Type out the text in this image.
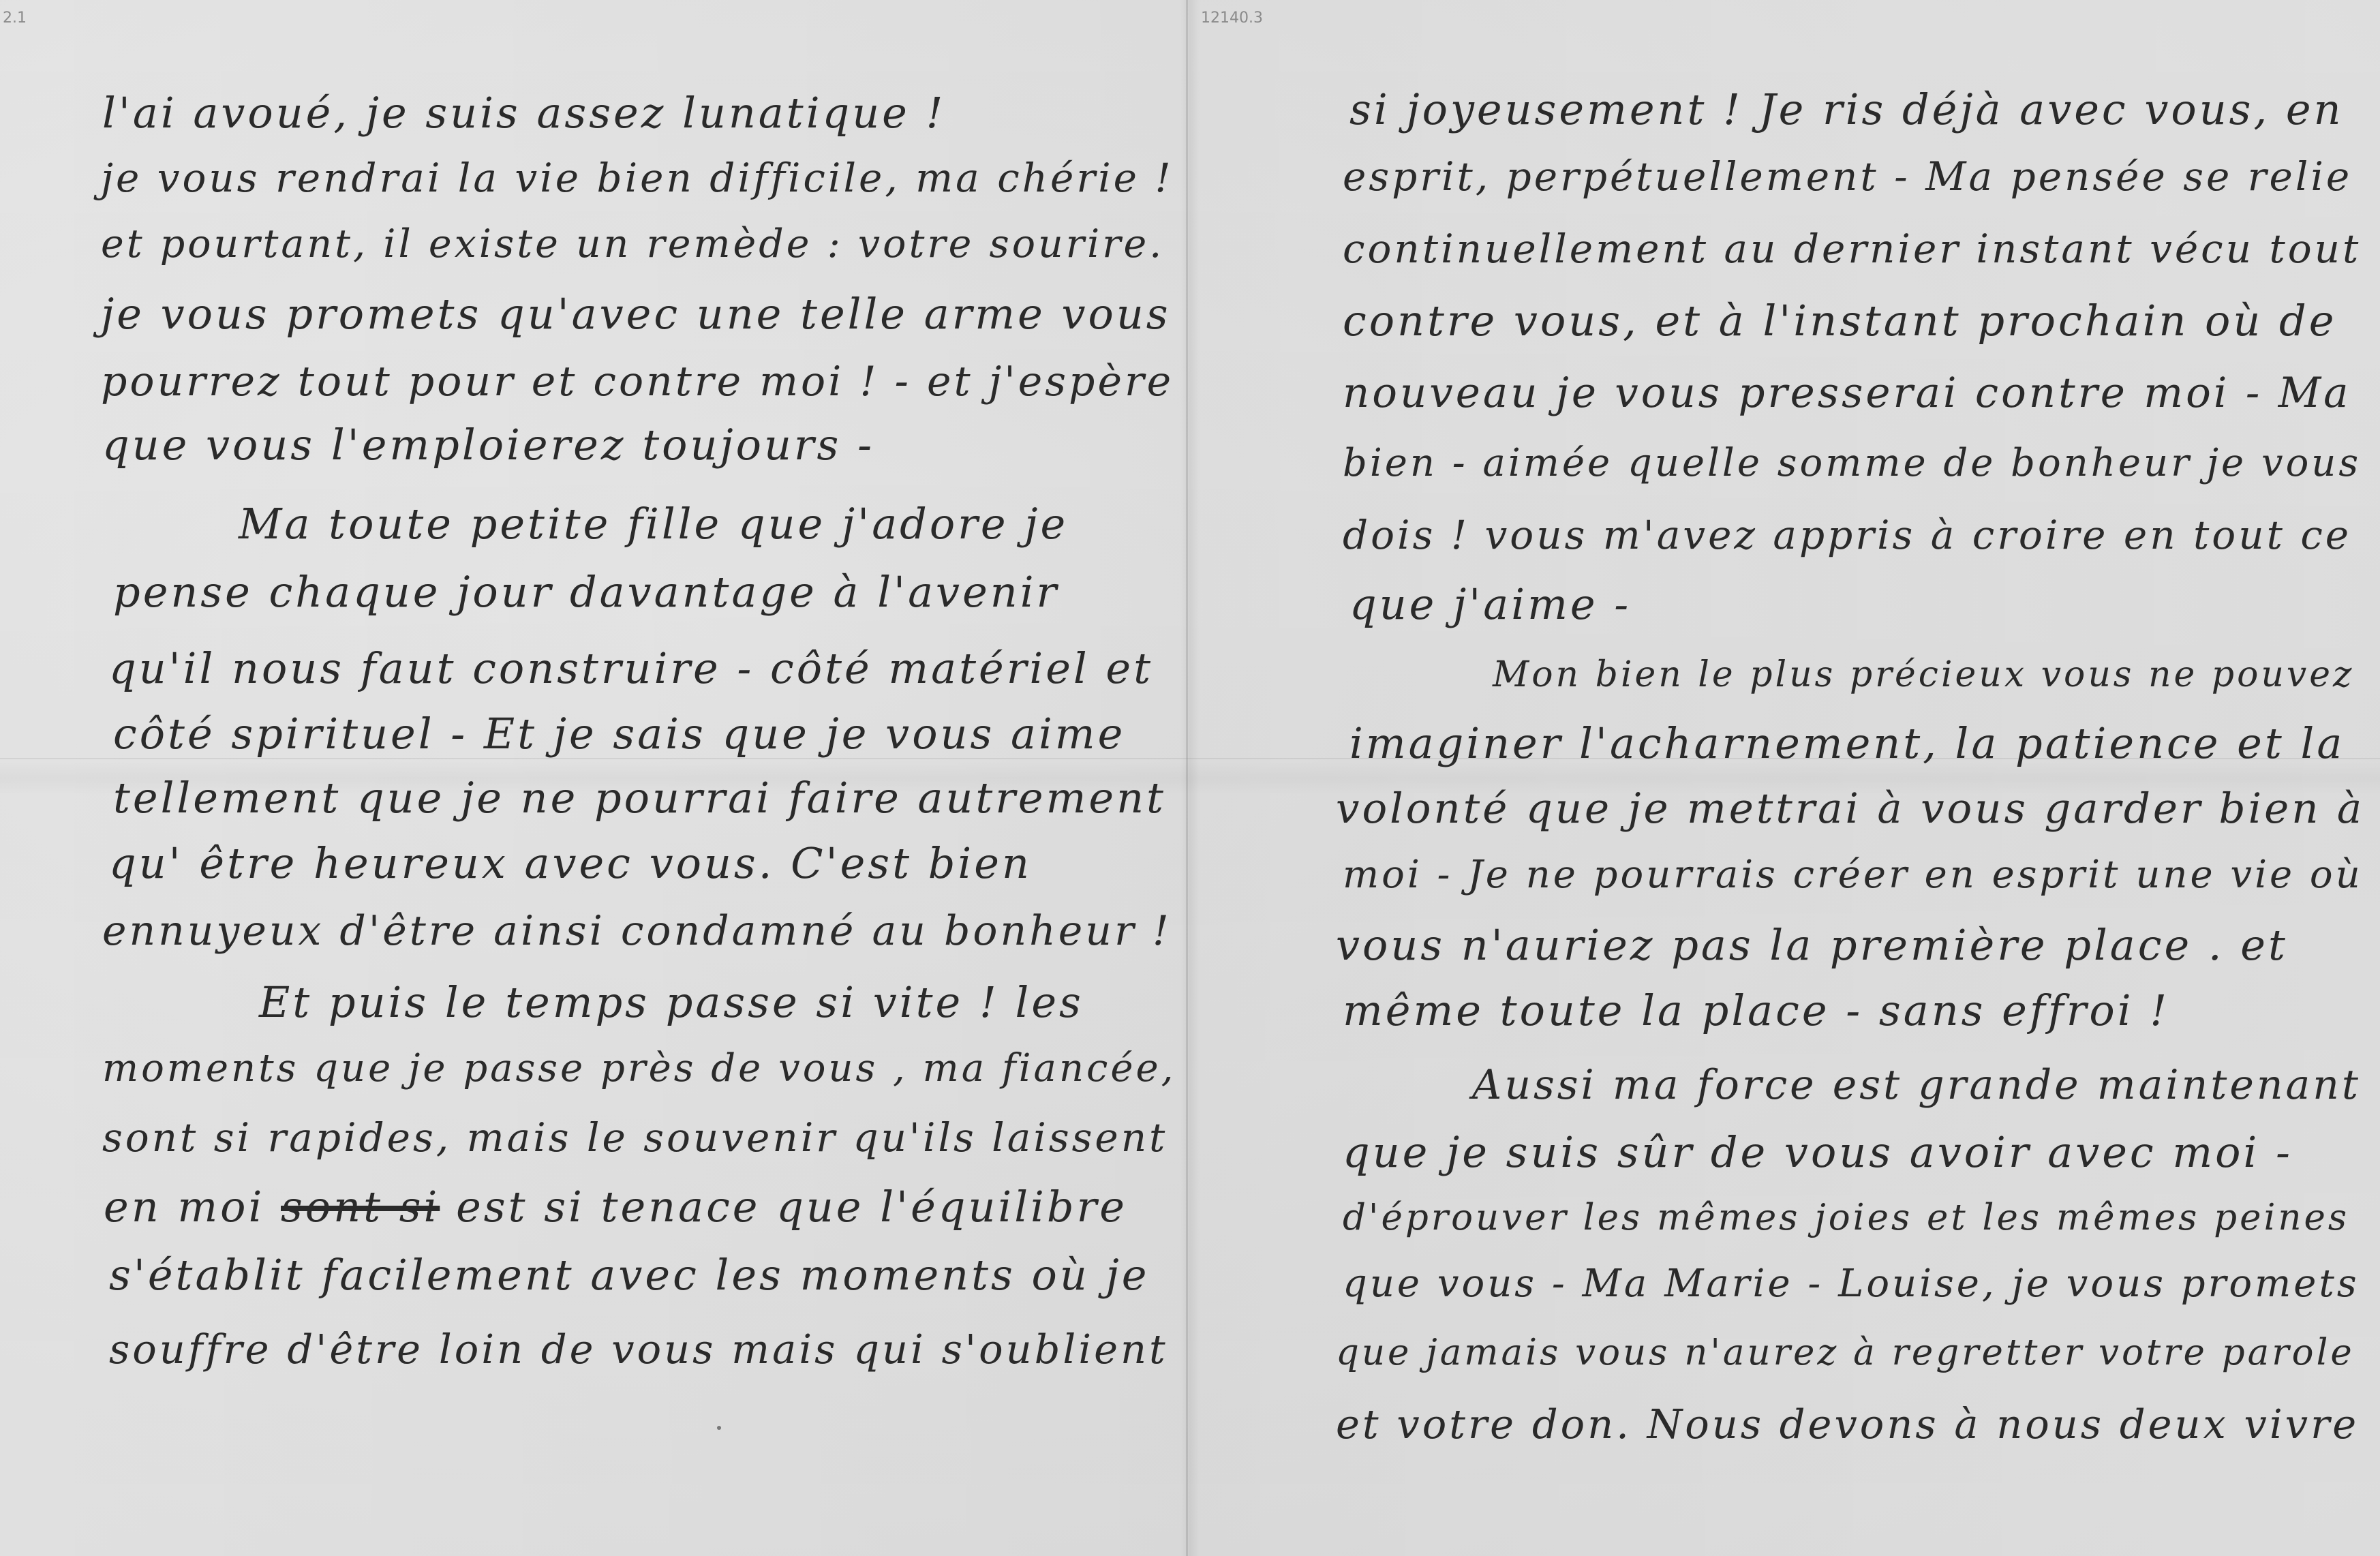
2.1	12140.3
l'ai avoué, je suis assez lunatique !
je vous rendrai la vie bien difficile, ma chérie !
et pourtant, il existe un remède : votre sourire.
je vous promets qu'avec une telle arme vous
pourrez tout pour et contre moi ! - et j'espère
que vous l'emploierez toujours -
Ma toute petite fille que j'adore je
pense chaque jour davantage à l'avenir
qu'il nous faut construire - côté matériel et
côté spirituel - Et je sais que je vous aime
tellement que je ne pourrai faire autrement
qu' être heureux avec vous. C'est bien
ennuyeux d'être ainsi condamné au bonheur !
Et puis le temps passe si vite ! les
moments que je passe près de vous , ma fiancée,
sont si rapides, mais le souvenir qu'ils laissent
en moi sont si est si tenace que l'équilibre
s'établit facilement avec les moments où je
souffre d'être loin de vous mais qui s'oublient
si joyeusement ! Je ris déjà avec vous, en
esprit, perpétuellement - Ma pensée se relie
continuellement au dernier instant vécu tout
contre vous, et à l'instant prochain où de
nouveau je vous presserai contre moi - Ma
bien - aimée quelle somme de bonheur je vous
dois ! vous m'avez appris à croire en tout ce
que j'aime -
Mon bien le plus précieux vous ne pouvez
imaginer l'acharnement, la patience et la
volonté que je mettrai à vous garder bien à
moi - Je ne pourrais créer en esprit une vie où
vous n'auriez pas la première place . et
même toute la place - sans effroi !
Aussi ma force est grande maintenant
que je suis sûr de vous avoir avec moi -
d'éprouver les mêmes joies et les mêmes peines
que vous - Ma Marie - Louise, je vous promets
que jamais vous n'aurez à regretter votre parole
et votre don. Nous devons à nous deux vivre
